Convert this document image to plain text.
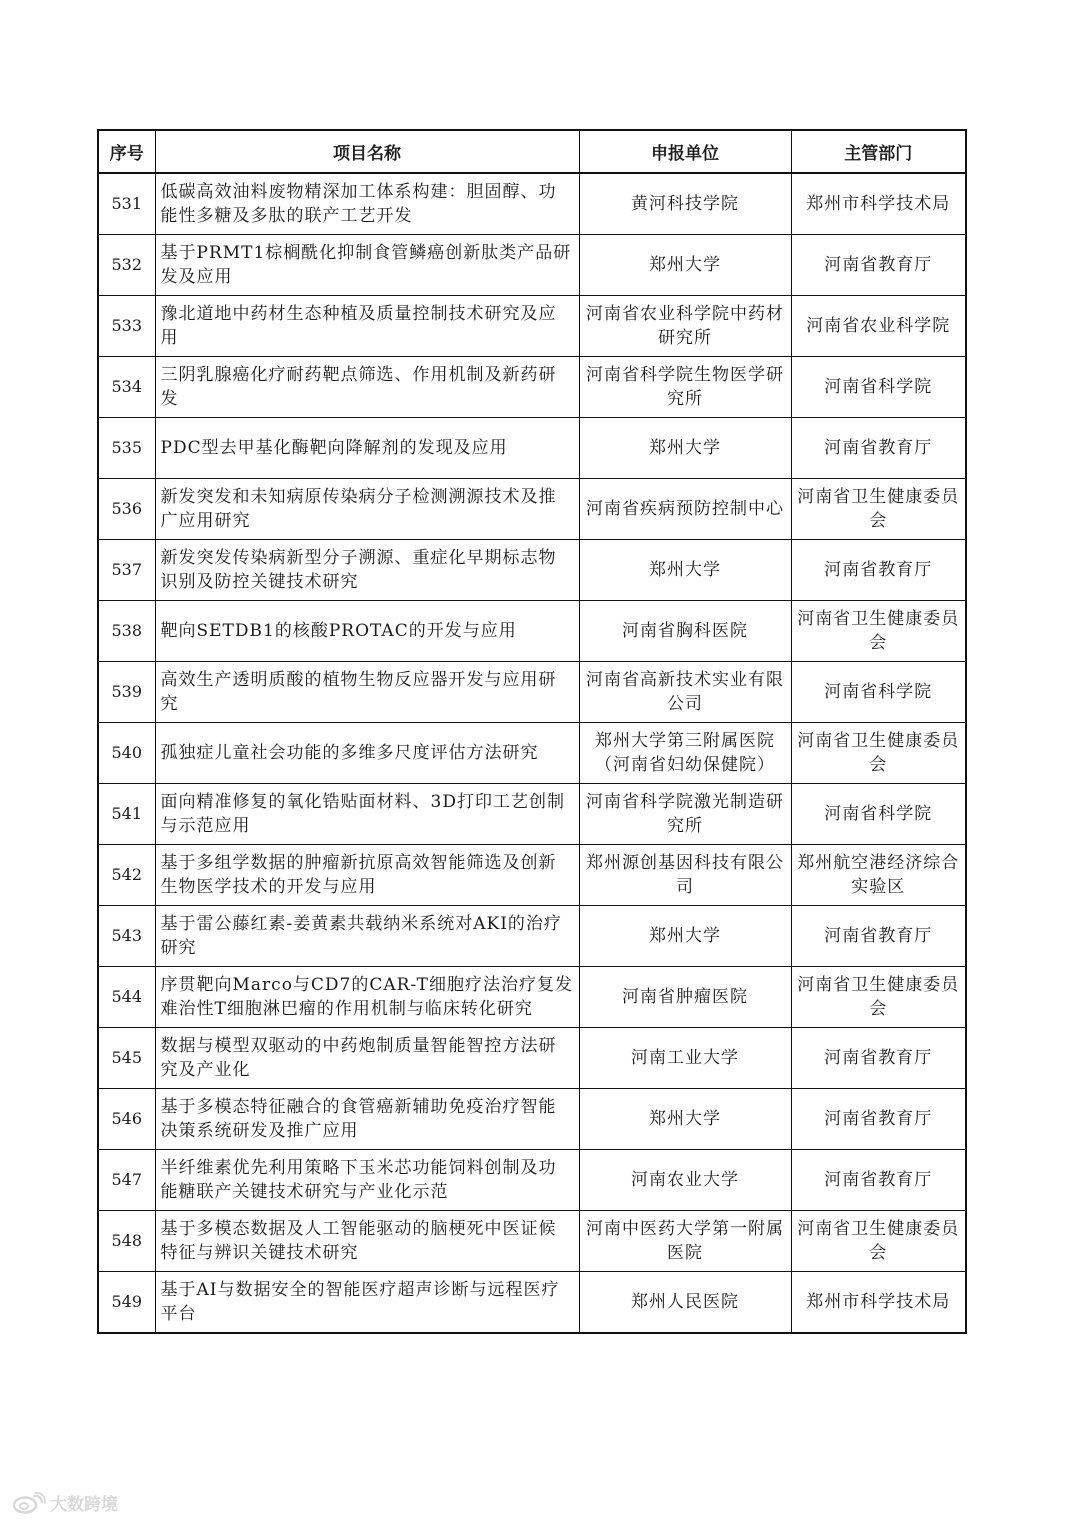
序号	项目名称	申报单位	主管部门

531	低碳高效油料废物精深加工体系构建：胆固醇、功能性多糖及多肽的联产工艺开发	黄河科技学院	郑州市科学技术局

532	基于PRMT1棕榈酰化抑制食管鳞癌创新肽类产品研发及应用	郑州大学	河南省教育厅

533	豫北道地中药材生态种植及质量控制技术研究及应用	河南省农业科学院中药材研究所	河南省农业科学院

534	三阴乳腺癌化疗耐药靶点筛选、作用机制及新药研发	河南省科学院生物医学研究所	河南省科学院

535	PDC型去甲基化酶靶向降解剂的发现及应用	郑州大学	河南省教育厅

536	新发突发和未知病原传染病分子检测溯源技术及推广应用研究	河南省疾病预防控制中心	河南省卫生健康委员会

537	新发突发传染病新型分子溯源、重症化早期标志物识别及防控关键技术研究	郑州大学	河南省教育厅

538	靶向SETDB1的核酸PROTAC的开发与应用	河南省胸科医院	河南省卫生健康委员会

539	高效生产透明质酸的植物生物反应器开发与应用研究	河南省高新技术实业有限公司	河南省科学院

540	孤独症儿童社会功能的多维多尺度评估方法研究	郑州大学第三附属医院（河南省妇幼保健院）	河南省卫生健康委员会

541	面向精准修复的氧化锆贴面材料、3D打印工艺创制与示范应用	河南省科学院激光制造研究所	河南省科学院

542	基于多组学数据的肿瘤新抗原高效智能筛选及创新生物医学技术的开发与应用	郑州源创基因科技有限公司	郑州航空港经济综合实验区

543	基于雷公藤红素-姜黄素共载纳米系统对AKI的治疗研究	郑州大学	河南省教育厅

544	序贯靶向Marco与CD7的CAR-T细胞疗法治疗复发难治性T细胞淋巴瘤的作用机制与临床转化研究	河南省肿瘤医院	河南省卫生健康委员会

545	数据与模型双驱动的中药炮制质量智能智控方法研究及产业化	河南工业大学	河南省教育厅

546	基于多模态特征融合的食管癌新辅助免疫治疗智能决策系统研发及推广应用	郑州大学	河南省教育厅

547	半纤维素优先利用策略下玉米芯功能饲料创制及功能糖联产关键技术研究与产业化示范	河南农业大学	河南省教育厅

548	基于多模态数据及人工智能驱动的脑梗死中医证候特征与辨识关键技术研究	河南中医药大学第一附属医院	河南省卫生健康委员会

549	基于AI与数据安全的智能医疗超声诊断与远程医疗平台	郑州人民医院	郑州市科学技术局
大数跨境
